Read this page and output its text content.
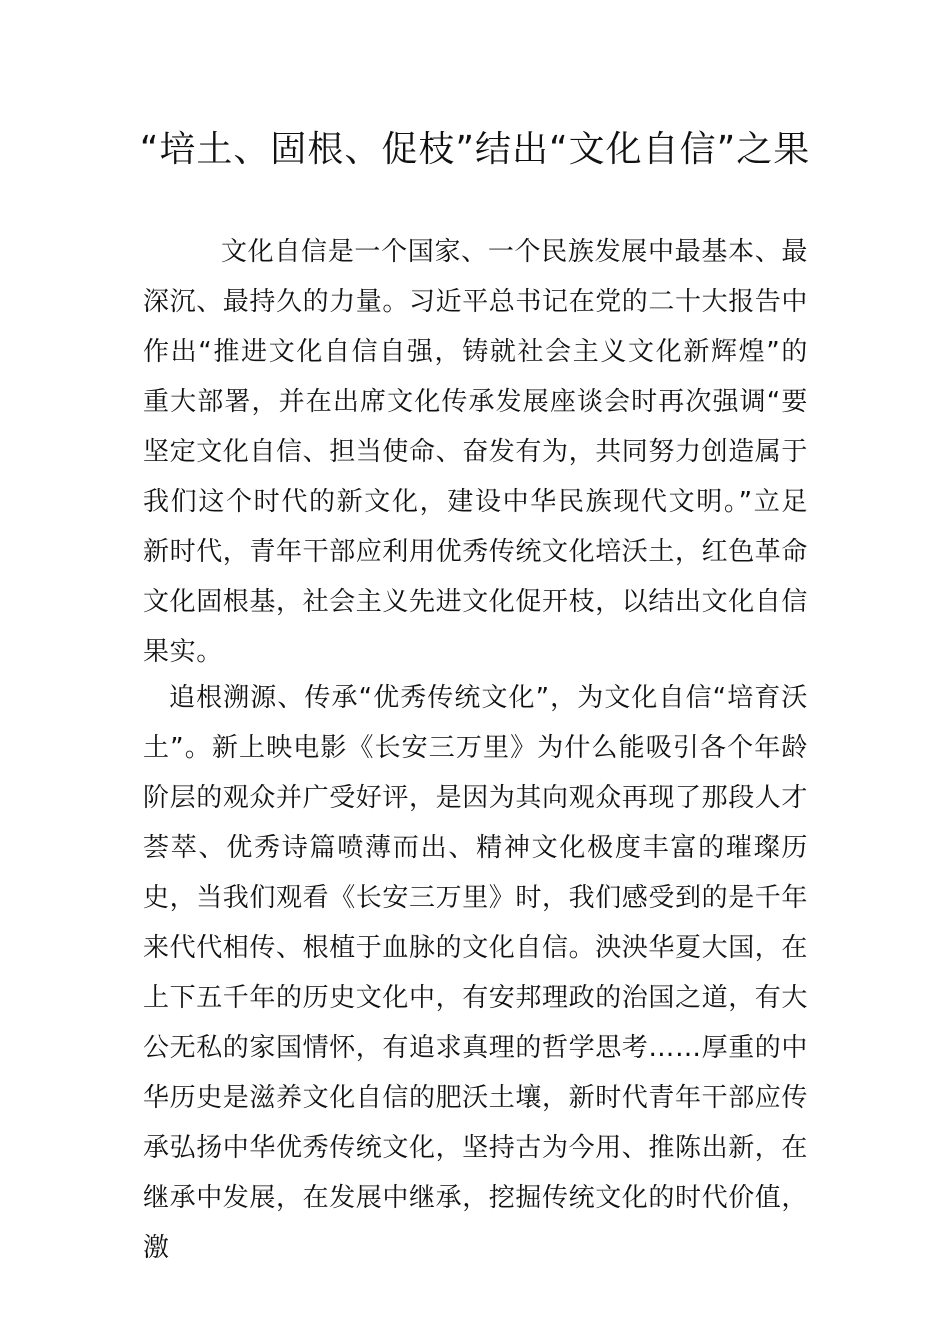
“培土、固根、促枝”结出“文化自信”之果

文化自信是一个国家、一个民族发展中最基本、最深沉、最持久的力量。习近平总书记在党的二十大报告中作出“推进文化自信自强，铸就社会主义文化新辉煌”的重大部署，并在出席文化传承发展座谈会时再次强调“要坚定文化自信、担当使命、奋发有为，共同努力创造属于我们这个时代的新文化，建设中华民族现代文明。”立足新时代，青年干部应利用优秀传统文化培沃土，红色革命文化固根基，社会主义先进文化促开枝，以结出文化自信果实。

追根溯源、传承“优秀传统文化”，为文化自信“培育沃土”。新上映电影《长安三万里》为什么能吸引各个年龄阶层的观众并广受好评，是因为其向观众再现了那段人才荟萃、优秀诗篇喷薄而出、精神文化极度丰富的璀璨历史，当我们观看《长安三万里》时，我们感受到的是千年来代代相传、根植于血脉的文化自信。泱泱华夏大国，在上下五千年的历史文化中，有安邦理政的治国之道，有大公无私的家国情怀，有追求真理的哲学思考……厚重的中华历史是滋养文化自信的肥沃土壤，新时代青年干部应传承弘扬中华优秀传统文化，坚持古为今用、推陈出新，在继承中发展，在发展中继承，挖掘传统文化的时代价值，激
